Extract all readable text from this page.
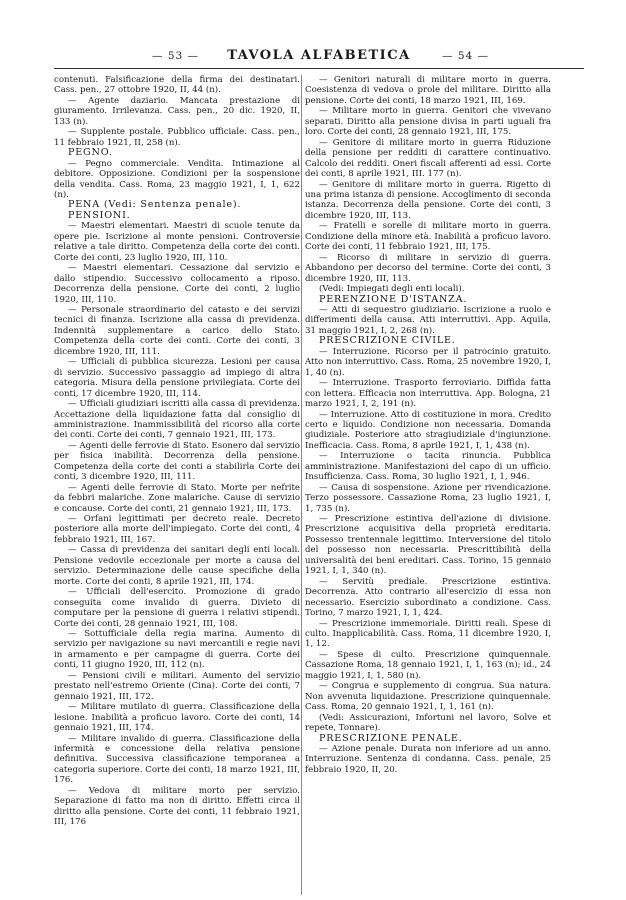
— 53 —	TAVOLA ALFABETICA	— 54 —

contenuti. Falsificazione della firma dei destinatari. Cass. pen., 27 ottobre 1920, II, 44 (n).

— Agente daziario. Mancata prestazione di giuramento. Irrilevanza. Cass. pen., 20 dic. 1920, II, 133 (n).

— Supplente postale. Pubblico ufficiale. Cass. pen., 11 febbraio 1921, II, 258 (n).

PEGNO.

— Pegno commerciale. Vendita. Intimazione al debitore. Opposizione. Condizioni per la sospensione della vendita. Cass. Roma, 23 maggio 1921, I, 1, 622 (n).

PENA (Vedi: Sentenza penale).

PENSIONI.

— Maestri elementari. Maestri di scuole tenute da opere pie. Iscrizione al monte pensioni. Controversie relative a tale diritto. Competenza della corte dei conti. Corte dei conti, 23 luglio 1920, III, 110.

— Maestri elementari. Cessazione dal servizio e dallo stipendio. Successivo collocamento a riposo. Decorrenza della pensione. Corte dei conti, 2 luglio 1920, III, 110.

— Personale straordinario del catasto e dei servizi tecnici di finanza. Iscrizione alla cassa di previdenza. Indennità supplementare a carico dello Stato. Competenza della corte dei conti. Corte dei conti, 3 dicembre 1920, III, 111.

— Ufficiali di pubblica sicurezza. Lesioni per causa di servizio. Successivo passaggio ad impiego di altra categoria. Misura della pensione privilegiata. Corte dei conti, 17 dicembre 1920, III, 114.

— Ufficiali giudiziari iscritti alla cassa di previdenza. Accettazione della liquidazione fatta dal consiglio di amministrazione. Inammissibilità del ricorso alla corte dei conti. Corte dei conti, 7 gennaio 1921, III, 173.

— Agenti delle ferrovie di Stato. Esonero dal servizio per fisica inabilità. Decorrenza della pensione. Competenza della corte dei conti a stabilirla Corte dei conti, 3 dicembre 1920, III, 111.

— Agenti delle ferrovie di Stato. Morte per nefrite da febbri malariche. Zone malariche. Cause di servizio e concause. Corte dei conti, 21 gennaio 1921, III, 173.

— Orfani legittimati per decreto reale. Decreto posteriore alla morte dell'impiegato. Corte dei conti, 4 febbraio 1921, III, 167.

— Cassa di previdenza dei sanitari degli enti locali. Pensione vedovile eccezionale per morte a causa del servizio. Determinazione delle cause specifiche della morte. Corte dei conti, 8 aprile 1921, III, 174.

— Ufficiali dell'esercito. Promozione di grado conseguita come invalido di guerra. Divieto di computare per la pensione di guerra i relativi stipendi. Corte dei conti, 28 gennaio 1921, III, 108.

— Sottufficiale della regia marina. Aumento di servizio per navigazione su navi mercantili e regie navi in armamento e per campagne di guerra. Corte dei conti, 11 giugno 1920, III, 112 (n).

— Pensioni civili e militari. Aumento del servizio prestato nell'estremo Oriente (Cina). Corte dei conti, 7 gennaio 1921, III, 172.

— Militare mutilato di guerra. Classificazione della lesione. Inabilità a proficuo lavoro. Corte dei conti, 14 gennaio 1921, III, 174.

— Militare invalido di guerra. Classificazione della infermità e concessione della relativa pensione definitiva. Successiva classificazione temporanea a categoria superiore. Corte dei conti, 18 marzo 1921, III, 176.

— Vedova di militare morto per servizio. Separazione di fatto ma non di diritto. Effetti circa il diritto alla pensione. Corte dei conti, 11 febbraio 1921, III, 176

— Genitori naturali di militare morto in guerra. Coesistenza di vedova o prole del militare. Diritto alla pensione. Corte dei conti, 18 marzo 1921, III, 169.

— Militare morto in guerra. Genitori che vivevano separati. Diritto alla pensione divisa in parti uguali fra loro. Corte dei conti, 28 gennaio 1921, III, 175.

— Genitore di militare morto in guerra Riduzione della pensione per redditi di carattere continuativo. Calcolo dei redditi. Oneri fiscali afferenti ad essi. Corte dei conti, 8 aprile 1921, III. 177 (n).

— Genitore di militare morto in guerra. Rigetto di una prima istanza di pensione. Accoglimento di seconda istanza. Decorrenza della pensione. Corte dei conti, 3 dicembre 1920, III, 113.

— Fratelli e sorelle di militare morto in guerra. Condizione della minore età. Inabilità a proficuo lavoro. Corte dei conti, 11 febbraio 1921, III, 175.

— Ricorso di militare in servizio di guerra. Abbandono per decorso del termine. Corte dei conti, 3 dicembre 1920, III, 113.

(Vedi: Impiegati degli enti locali).

PERENZIONE D'ISTANZA.

— Atti di sequestro giudiziario. Iscrizione a ruolo e differimenti della causa. Atti interruttivi. App. Aquila, 31 maggio 1921, I, 2, 268 (n).

PRESCRIZIONE CIVILE.

— Interruzione. Ricorso per il patrocinio gratuito. Atto non interruttivo. Cass. Roma, 25 novembre 1920, I, 1, 40 (n).

— Interruzione. Trasporto ferroviario. Diffida fatta con lettera. Efficacia non interruttiva. App. Bologna, 21 marzo 1921, I, 2, 191 (n).

— Interruzione. Atto di costituzione in mora. Credito certo e liquido. Condizione non necessaria. Domanda giudiziale. Posteriore atto stragiudiziale d'ingiunzione. Inefficacia. Cass. Roma, 8 aprile 1921, I, 1, 438 (n).

— Interruzione o tacita rinuncia. Pubblica amministrazione. Manifestazioni del capo di un ufficio. Insufficienza. Cass. Roma, 30 luglio 1921, I, 1, 946.

— Causa di sospensione. Azione per rivendicazione. Terzo possessore. Cassazione Roma, 23 luglio 1921, I, 1, 735 (n).

— Prescrizione estintiva dell'azione di divisione. Prescrizione acquisitiva della proprietà ereditaria. Possesso trentennale legittimo. Interversione del titolo del possesso non necessaria. Prescrittibilità della universalità dei beni ereditari. Cass. Torino, 15 gennaio 1921, I, 1, 340 (n).

— Servitù prediale. Prescrizione estintiva. Decorrenza. Atto contrario all'esercizio di essa non necessario. Esercizio subordinato a condizione. Cass. Torino, 7 marzo 1921, I, 1, 424.

— Prescrizione immemoriale. Diritti reali. Spese di culto. Inapplicabilità. Cass. Roma, 11 dicembre 1920, I, 1, 12.

— Spese di culto. Prescrizione quinquennale. Cassazione Roma, 18 gennaio 1921, I, 1, 163 (n); id., 24 maggio 1921, I, 1, 580 (n).

— Congrua e supplemento di congrua. Sua natura. Non avvenuta liquidazione. Prescrizione quinquennale. Cass. Roma, 20 gennaio 1921, I, 1, 161 (n).

(Vedi: Assicurazioni, Infortuni nel lavoro, Solve et repete, Tonnare).

PRESCRIZIONE PENALE.

— Azione penale. Durata non inferiore ad un anno. Interruzione. Sentenza di condanna. Cass. penale, 25 febbraio 1920, II, 20.
